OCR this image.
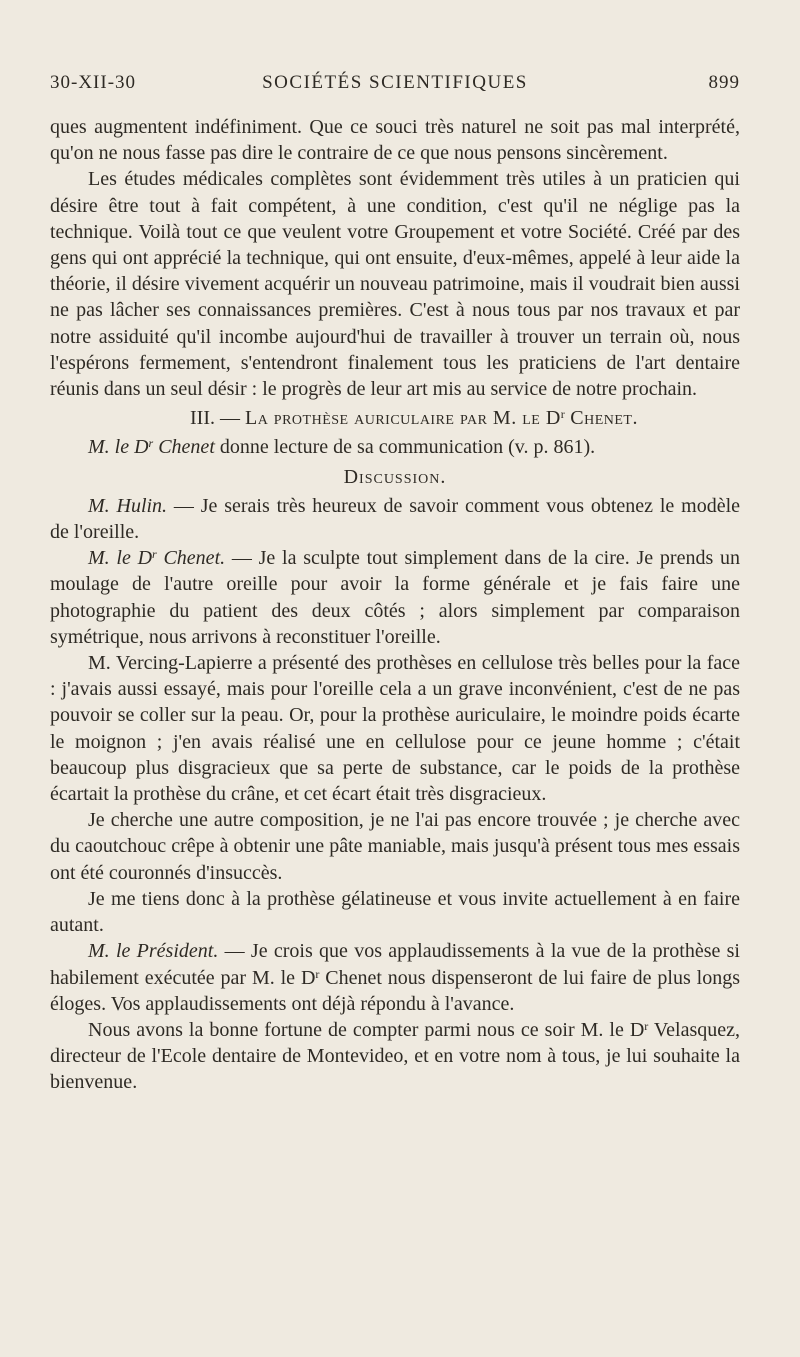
30-XII-30	SOCIÉTÉS SCIENTIFIQUES	899

ques augmentent indéfiniment. Que ce souci très naturel ne soit pas mal interprété, qu'on ne nous fasse pas dire le contraire de ce que nous pensons sincèrement.

Les études médicales complètes sont évidemment très utiles à un praticien qui désire être tout à fait compétent, à une condition, c'est qu'il ne néglige pas la technique. Voilà tout ce que veulent votre Groupement et votre Société. Créé par des gens qui ont apprécié la technique, qui ont ensuite, d'eux-mêmes, appelé à leur aide la théorie, il désire vivement acquérir un nouveau patrimoine, mais il voudrait bien aussi ne pas lâcher ses connaissances premières. C'est à nous tous par nos travaux et par notre assiduité qu'il incombe aujourd'hui de travailler à trouver un terrain où, nous l'espérons fermement, s'entendront finalement tous les praticiens de l'art dentaire réunis dans un seul désir : le progrès de leur art mis au service de notre prochain.

III. — La prothèse auriculaire par M. le $D^r$ Chenet.

M. le $D^r$ Chenet donne lecture de sa communication (v. p. 861).

Discussion.

M. Hulin. — Je serais très heureux de savoir comment vous obtenez le modèle de l'oreille.

M. le $D^r$ Chenet. — Je la sculpte tout simplement dans de la cire. Je prends un moulage de l'autre oreille pour avoir la forme générale et je fais faire une photographie du patient des deux côtés ; alors simplement par comparaison symétrique, nous arrivons à reconstituer l'oreille.

M. Vercing-Lapierre a présenté des prothèses en cellulose très belles pour la face : j'avais aussi essayé, mais pour l'oreille cela a un grave inconvénient, c'est de ne pas pouvoir se coller sur la peau. Or, pour la prothèse auriculaire, le moindre poids écarte le moignon ; j'en avais réalisé une en cellulose pour ce jeune homme ; c'était beaucoup plus disgracieux que sa perte de substance, car le poids de la prothèse écartait la prothèse du crâne, et cet écart était très disgracieux.

Je cherche une autre composition, je ne l'ai pas encore trouvée ; je cherche avec du caoutchouc crêpe à obtenir une pâte maniable, mais jusqu'à présent tous mes essais ont été couronnés d'insuccès.

Je me tiens donc à la prothèse gélatineuse et vous invite actuellement à en faire autant.

M. le Président. — Je crois que vos applaudissements à la vue de la prothèse si habilement exécutée par M. le $D^r$ Chenet nous dispenseront de lui faire de plus longs éloges. Vos applaudissements ont déjà répondu à l'avance.

Nous avons la bonne fortune de compter parmi nous ce soir M. le $D^r$ Velasquez, directeur de l'Ecole dentaire de Montevideo, et en votre nom à tous, je lui souhaite la bienvenue.
